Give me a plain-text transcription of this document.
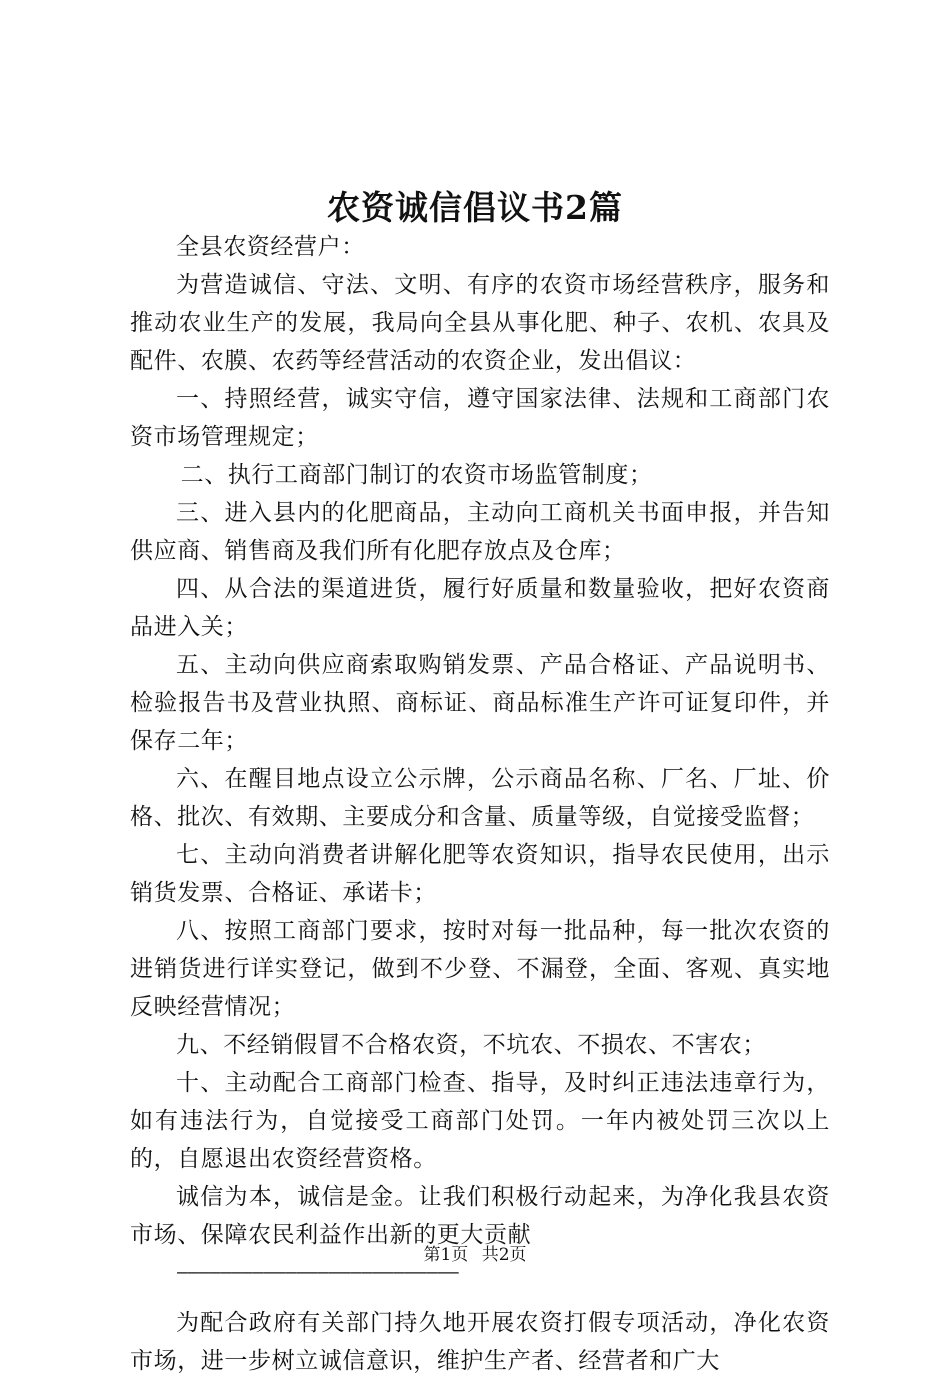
农资诚信倡议书2篇

全县农资经营户：

为营造诚信、守法、文明、有序的农资市场经营秩序，服务和推动农业生产的发展，我局向全县从事化肥、种子、农机、农具及配件、农膜、农药等经营活动的农资企业，发出倡议：

一、持照经营，诚实守信，遵守国家法律、法规和工商部门农资市场管理规定；

二、执行工商部门制订的农资市场监管制度；

三、进入县内的化肥商品，主动向工商机关书面申报，并告知供应商、销售商及我们所有化肥存放点及仓库；

四、从合法的渠道进货，履行好质量和数量验收，把好农资商品进入关；

五、主动向供应商索取购销发票、产品合格证、产品说明书、检验报告书及营业执照、商标证、商品标准生产许可证复印件，并保存二年；

六、在醒目地点设立公示牌，公示商品名称、厂名、厂址、价格、批次、有效期、主要成分和含量、质量等级，自觉接受监督；

七、主动向消费者讲解化肥等农资知识，指导农民使用，出示销货发票、合格证、承诺卡；

八、按照工商部门要求，按时对每一批品种，每一批次农资的进销货进行详实登记，做到不少登、不漏登，全面、客观、真实地反映经营情况；

九、不经销假冒不合格农资，不坑农、不损农、不害农；

十、主动配合工商部门检查、指导，及时纠正违法违章行为，如有违法行为，自觉接受工商部门处罚。一年内被处罚三次以上的，自愿退出农资经营资格。

诚信为本，诚信是金。让我们积极行动起来，为净化我县农资市场、保障农民利益作出新的更大贡献

——————————————————————————

为配合政府有关部门持久地开展农资打假专项活动，净化农资市场，进一步树立诚信意识，维护生产者、经营者和广大

第1页 共2页
